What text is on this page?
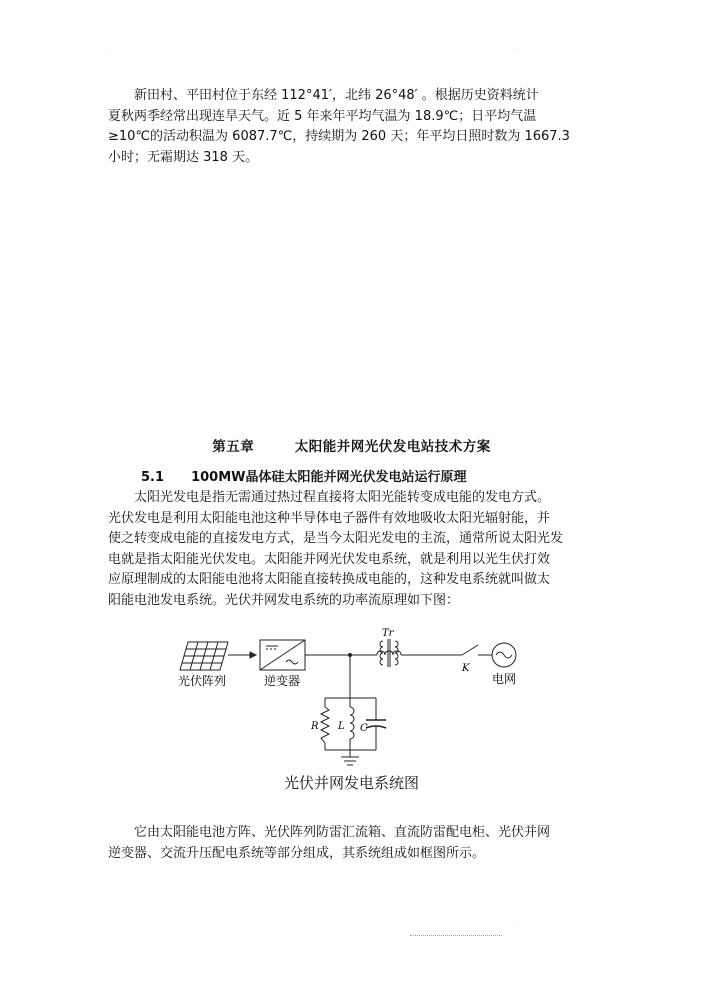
.	.

　　新田村、平田村位于东经 112°41′，北纬 26°48′ 。根据历史资料统计
夏秋两季经常出现连旱天气。近 5 年来年平均气温为 18.9℃；日平均气温
≥10℃的活动积温为 6087.7℃，持续期为 260 天；年平均日照时数为 1667.3
小时；无霜期达 318 天。

第五章	太阳能并网光伏发电站技术方案
5.1 100MW晶体硅太阳能并网光伏发电站运行原理

　　太阳光发电是指无需通过热过程直接将太阳光能转变成电能的发电方式。
光伏发电是利用太阳能电池这种半导体电子器件有效地吸收太阳光辐射能，并
使之转变成电能的直接发电方式，是当今太阳光发电的主流，通常所说太阳光发
电就是指太阳能光伏发电。太阳能并网光伏发电系统，就是利用以光生伏打效
应原理制成的太阳能电池将太阳能直接转换成电能的，这种发电系统就叫做太
阳能电池发电系统。光伏并网发电系统的功率流原理如下图：

光伏阵列	逆变器
Tr
K
电网
R L C
光伏并网发电系统图

　　它由太阳能电池方阵、光伏阵列防雷汇流箱、直流防雷配电柜、光伏并网
逆变器、交流升压配电系统等部分组成，其系统组成如框图所示。

.
